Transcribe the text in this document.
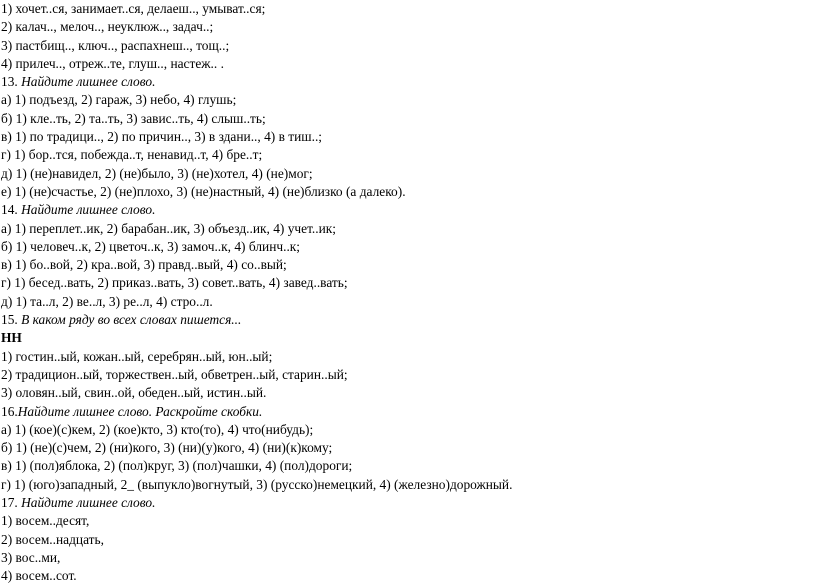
1) хочет..ся, занимает..ся, делаеш.., умыват..ся;
2) калач.., мелоч.., неуклюж.., задач..;
3) пастбищ.., ключ.., распахнеш.., тощ..;
4) прилеч.., отреж..те, глуш.., настеж.. .
13. Найдите лишнее слово.
а) 1) подъезд, 2) гараж, 3) небо, 4) глушь;
б) 1) кле..ть, 2) та..ть, 3) завис..ть, 4) слыш..ть;
в) 1) по традици.., 2) по причин.., 3) в здани.., 4) в тиш..;
г) 1) бор..тся, побежда..т, ненавид..т, 4) бре..т;
д) 1) (не)навидел, 2) (не)было, 3) (не)хотел, 4) (не)мог;
е) 1) (не)счастье, 2) (не)плохо, 3) (не)настный, 4) (не)близко (а далеко).
14. Найдите лишнее слово.
а) 1) переплет..ик, 2) барабан..ик, 3) объезд..ик, 4) учет..ик;
б) 1) человеч..к, 2) цветоч..к, 3) замоч..к, 4) блинч..к;
в) 1) бо..вой, 2) кра..вой, 3) правд..вый, 4) со..вый;
г) 1) бесед..вать, 2) приказ..вать, 3) совет..вать, 4) завед..вать;
д) 1) та..л, 2) ве..л, 3) ре..л, 4) стро..л.
15. В каком ряду во всех словах пишется...
НН
1) гостин..ый, кожан..ый, серебрян..ый, юн..ый;
2) традицион..ый, торжествен..ый, обветрен..ый, старин..ый;
3) оловян..ый, свин..ой, обеден..ый, истин..ый.
16.Найдите лишнее слово. Раскройте скобки.
а) 1) (кое)(с)кем, 2) (кое)кто, 3) кто(то), 4) что(нибудь);
б) 1) (не)(с)чем, 2) (ни)кого, 3) (ни)(у)кого, 4) (ни)(к)кому;
в) 1) (пол)яблока, 2) (пол)круг, 3) (пол)чашки, 4) (пол)дороги;
г) 1) (юго)западный, 2_ (выпукло)вогнутый, 3) (русско)немецкий, 4) (железно)дорожный.
17. Найдите лишнее слово.
1) восем..десят,
2) восем..надцать,
3) вос..ми,
4) восем..сот.
